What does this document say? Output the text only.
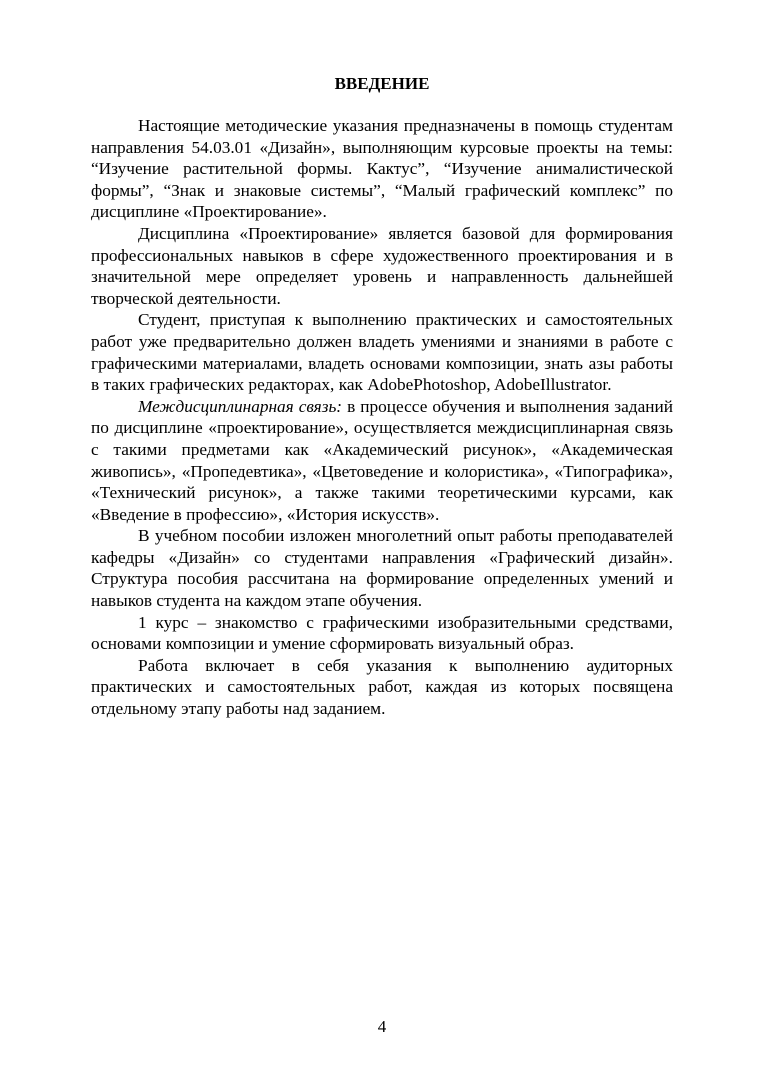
ВВЕДЕНИЕ

Настоящие методические указания предназначены в помощь студентам направления 54.03.01 «Дизайн», выполняющим курсовые проекты на темы: “Изучение растительной формы. Кактус”, “Изучение анималистической формы”, “Знак и знаковые системы”, “Малый графический комплекс” по дисциплине «Проектирование».

Дисциплина «Проектирование» является базовой для формирования профессиональных навыков в сфере художественного проектирования и в значительной мере определяет уровень и направленность дальнейшей творческой деятельности.

Студент, приступая к выполнению практических и самостоятельных работ уже предварительно должен владеть умениями и знаниями в работе с графическими материалами, владеть основами композиции, знать азы работы в таких графических редакторах, как AdobePhotoshop, AdobeIllustrator.

Междисциплинарная связь: в процессе обучения и выполнения заданий по дисциплине «проектирование», осуществляется междисциплинарная связь с такими предметами как «Академический рисунок», «Академическая живопись», «Пропедевтика», «Цветоведение и колористика», «Типографика», «Технический рисунок», а также такими теоретическими курсами, как «Введение в профессию», «История искусств».

В учебном пособии изложен многолетний опыт работы преподавателей кафедры «Дизайн» со студентами направления «Графический дизайн». Структура пособия рассчитана на формирование определенных умений и навыков студента на каждом этапе обучения.

1 курс – знакомство с графическими изобразительными средствами, основами композиции и умение сформировать визуальный образ.

Работа включает в себя указания к выполнению аудиторных практических и самостоятельных работ, каждая из которых посвящена отдельному этапу работы над заданием.

4
